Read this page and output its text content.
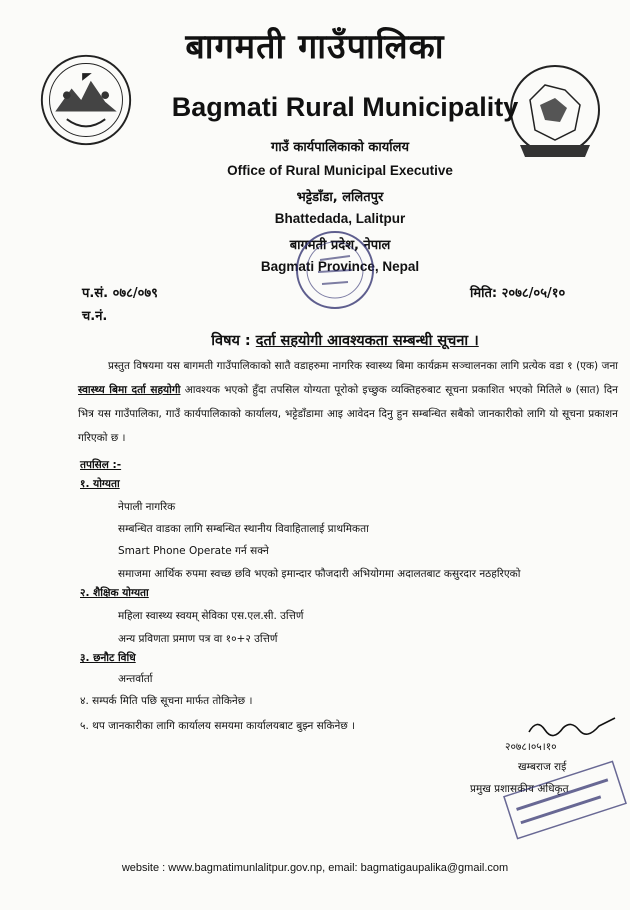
बागमती गाउँपालिका
Bagmati Rural Municipality
गाउँ कार्यपालिकाको कार्यालय
Office of Rural Municipal Executive
भट्टेडाँडा, ललितपुर
Bhattedada, Lalitpur
बागमती प्रदेश, नेपाल
Bagmati Province, Nepal
प.सं. ०७८/०७९
च.नं.
मिति: २०७८/०५/१०
विषय : दर्ता सहयोगी आवश्यकता सम्बन्धी सूचना ।
प्रस्तुत विषयमा यस बागमती गाउँपालिकाको सातै वडाहरुमा नागरिक स्वास्थ्य बिमा कार्यक्रम सञ्चालनका लागि प्रत्येक वडा १ (एक) जना स्वास्थ्य बिमा दर्ता सहयोगी आवश्यक भएको हुँदा तपसिल योग्यता पूरोको इच्छुक व्यक्तिहरुबाट सूचना प्रकाशित भएको मितिले ७ (सात) दिन भित्र यस गाउँपालिका, गाउँ कार्यपालिकाको कार्यालय, भट्टेडाँडामा आइ आवेदन दिनु हुन सम्बन्धित सबैको जानकारीको लागि यो सूचना प्रकाशन गरिएको छ ।
तपसिल :-
१. योग्यता
नेपाली नागरिक
सम्बन्धित वाडका लागि सम्बन्धित स्थानीय विवाहितालाई प्राथमिकता
Smart Phone Operate गर्न सक्ने
समाजमा आर्थिक रुपमा स्वच्छ छवि भएको इमान्दार फौजदारी अभियोगमा अदालतबाट कसुरदार नठहरिएको
२. शैक्षिक योग्यता
महिला स्वास्थ्य स्वयम् सेविका एस.एल.सी. उत्तिर्ण
अन्य प्रविणता प्रमाण पत्र वा १०+२ उत्तिर्ण
३. छनौट विधि
अन्तर्वार्ता
४. सम्पर्क मिति पछि सूचना मार्फत तोकिनेछ ।
५. थप जानकारीका लागि कार्यालय समयमा कार्यालयबाट बुझ्न सकिनेछ ।
२०७८।०५।१०
खम्बराज राई
प्रमुख प्रशासकीय अधिकृत
website : www.bagmatimunlalitpur.gov.np, email: bagmatigaupalika@gmail.com
